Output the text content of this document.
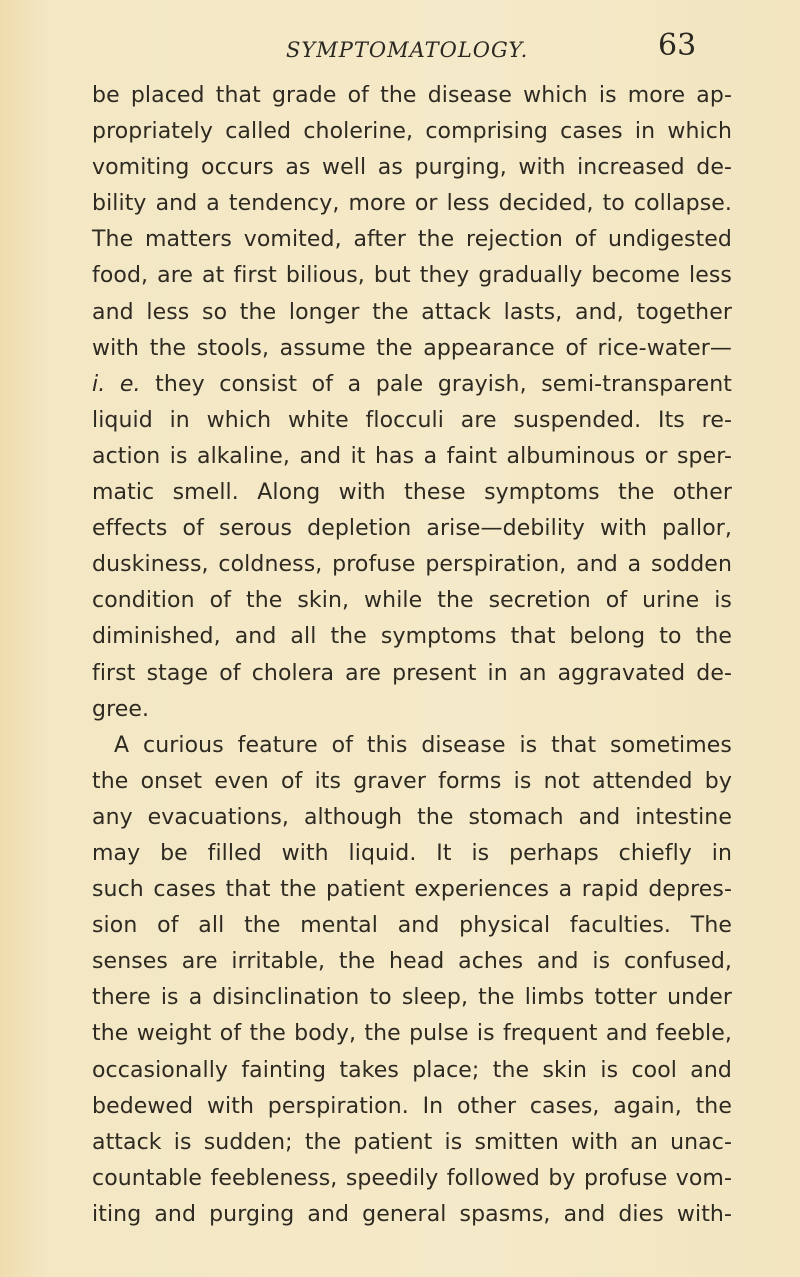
SYMPTOMATOLOGY.	63
be placed that grade of the disease which is more ap-
propriately called cholerine, comprising cases in which
vomiting occurs as well as purging, with increased de-
bility and a tendency, more or less decided, to collapse.
The matters vomited, after the rejection of undigested
food, are at first bilious, but they gradually become less
and less so the longer the attack lasts, and, together
with the stools, assume the appearance of rice-water—
i. e. they consist of a pale grayish, semi-transparent
liquid in which white flocculi are suspended. Its re-
action is alkaline, and it has a faint albuminous or sper-
matic smell. Along with these symptoms the other
effects of serous depletion arise—debility with pallor,
duskiness, coldness, profuse perspiration, and a sodden
condition of the skin, while the secretion of urine is
diminished, and all the symptoms that belong to the
first stage of cholera are present in an aggravated de-
gree.
A curious feature of this disease is that sometimes
the onset even of its graver forms is not attended by
any evacuations, although the stomach and intestine
may be filled with liquid. It is perhaps chiefly in
such cases that the patient experiences a rapid depres-
sion of all the mental and physical faculties. The
senses are irritable, the head aches and is confused,
there is a disinclination to sleep, the limbs totter under
the weight of the body, the pulse is frequent and feeble,
occasionally fainting takes place; the skin is cool and
bedewed with perspiration. In other cases, again, the
attack is sudden; the patient is smitten with an unac-
countable feebleness, speedily followed by profuse vom-
iting and purging and general spasms, and dies with-
